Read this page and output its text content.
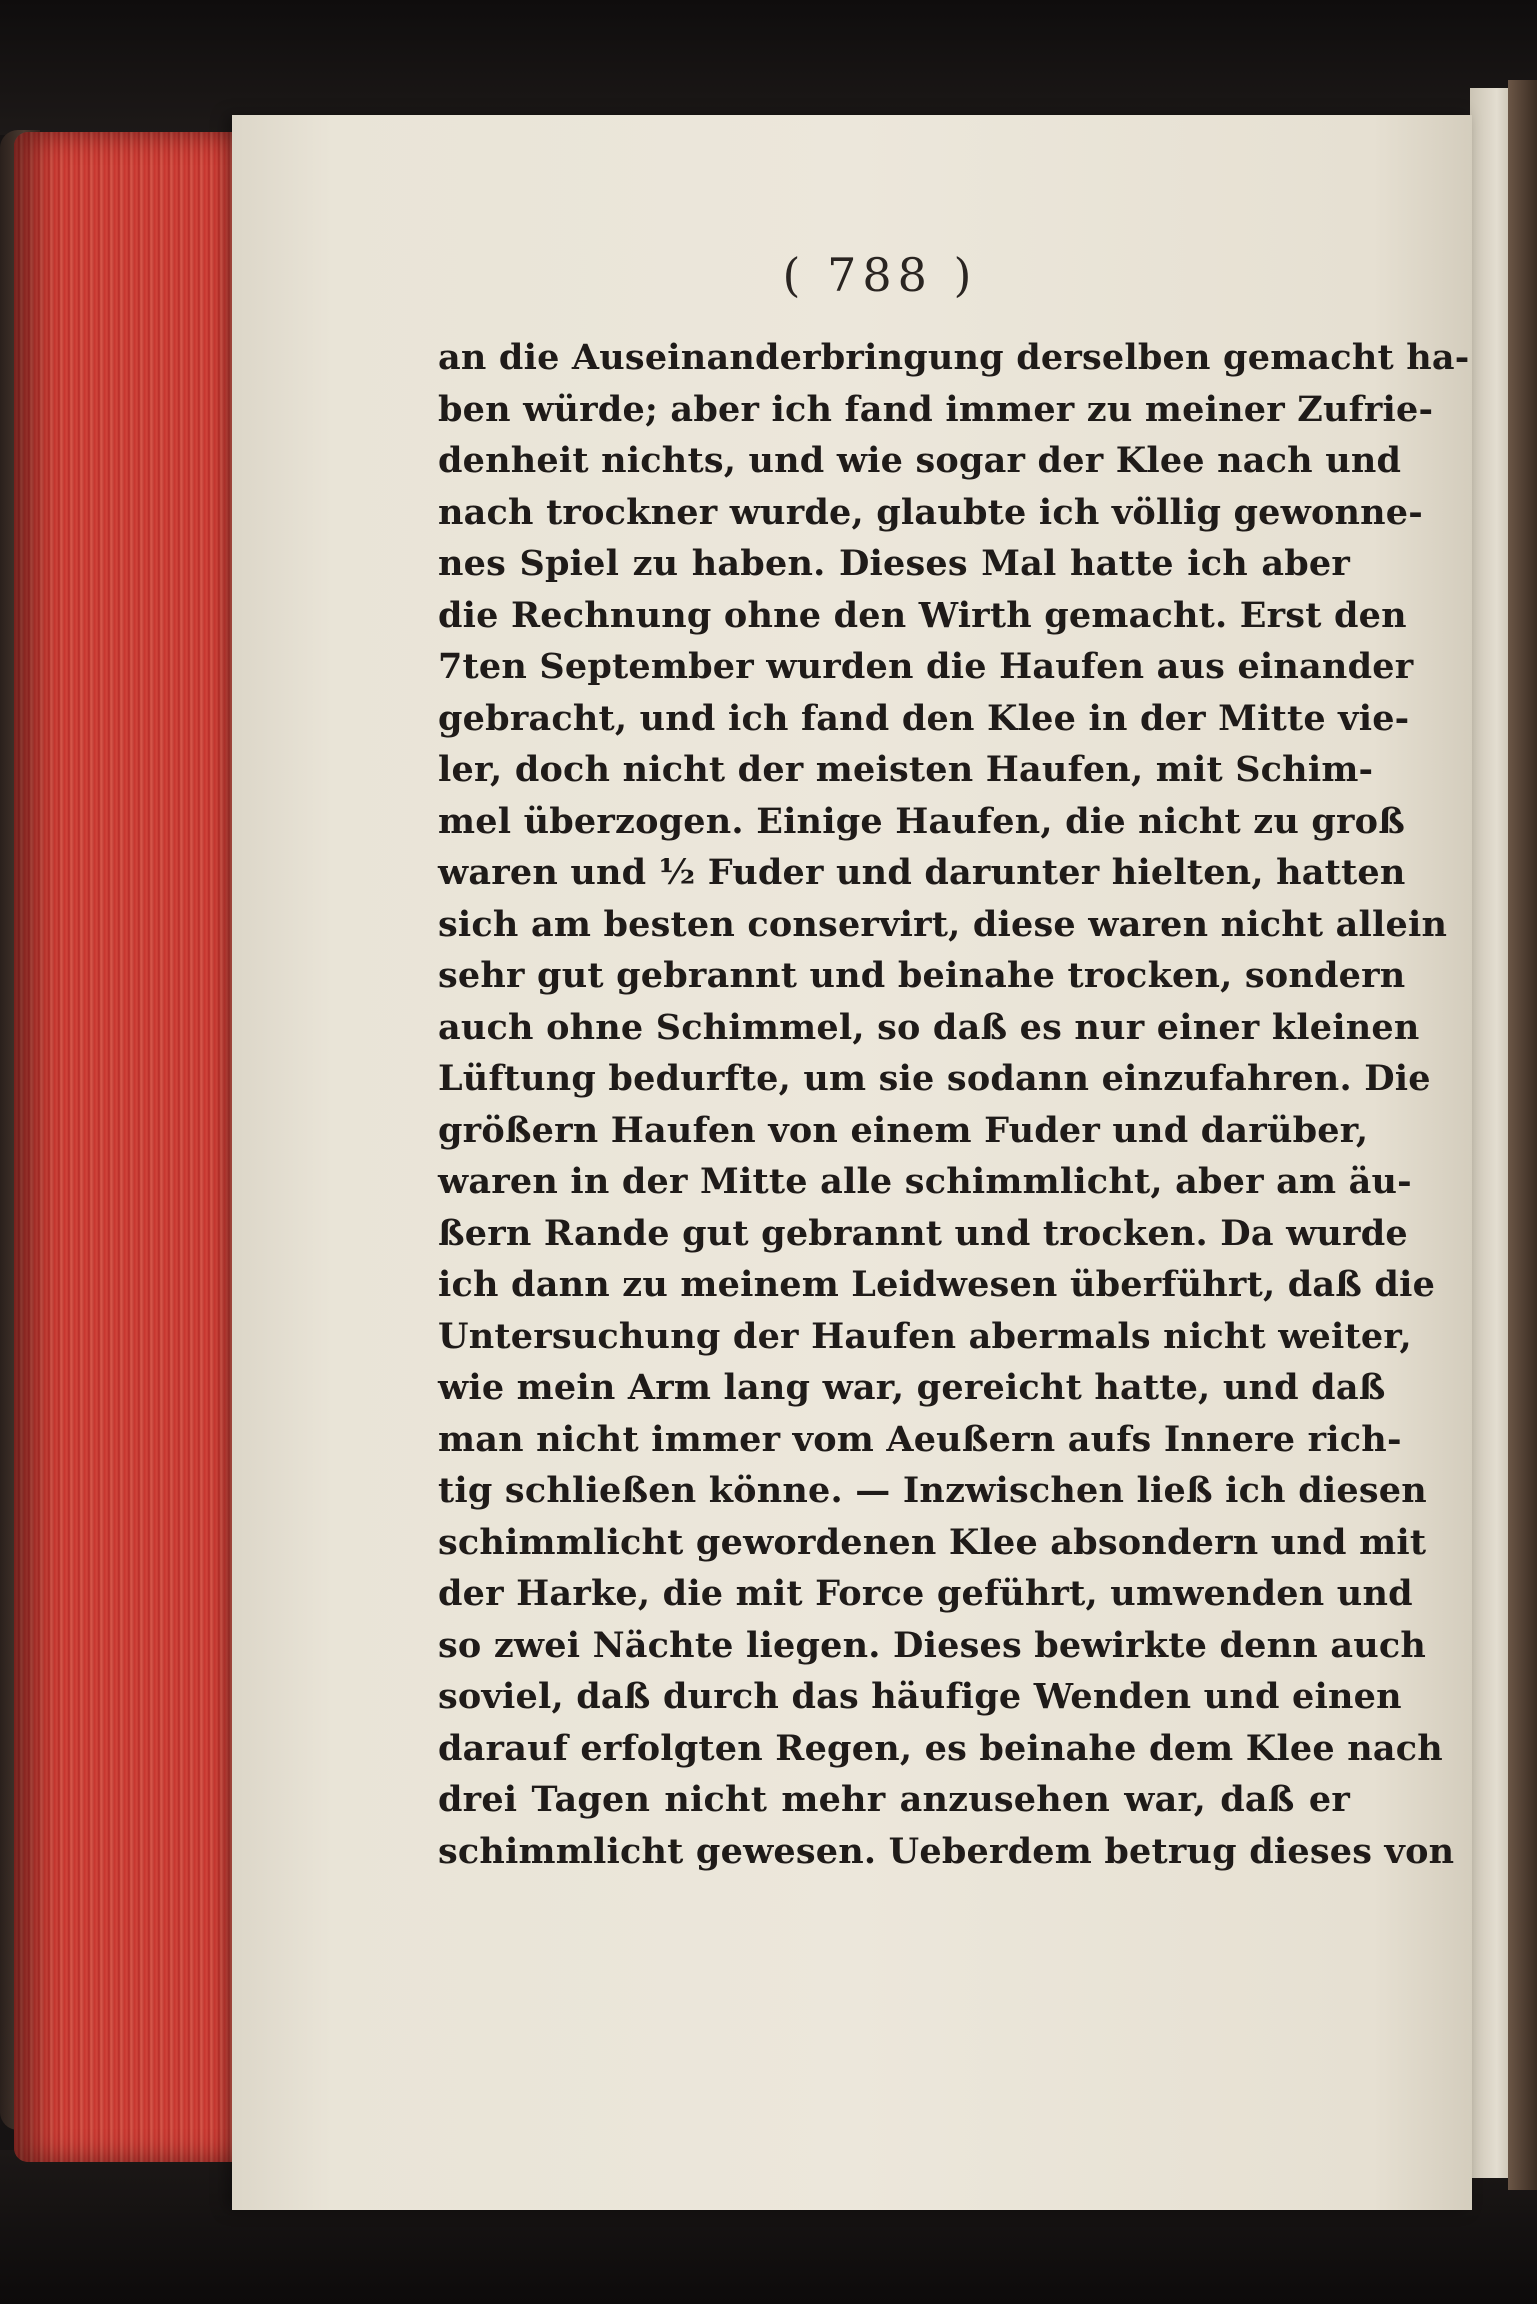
( 788 )
an die Auseinanderbringung derselben gemacht ha-
ben würde; aber ich fand immer zu meiner Zufrie-
denheit nichts, und wie sogar der Klee nach und
nach trockner wurde, glaubte ich völlig gewonne-
nes Spiel zu haben. Dieses Mal hatte ich aber
die Rechnung ohne den Wirth gemacht. Erst den
7ten September wurden die Haufen aus einander
gebracht, und ich fand den Klee in der Mitte vie-
ler, doch nicht der meisten Haufen, mit Schim-
mel überzogen. Einige Haufen, die nicht zu groß
waren und ½ Fuder und darunter hielten, hatten
sich am besten conservirt, diese waren nicht allein
sehr gut gebrannt und beinahe trocken, sondern
auch ohne Schimmel, so daß es nur einer kleinen
Lüftung bedurfte, um sie sodann einzufahren. Die
größern Haufen von einem Fuder und darüber,
waren in der Mitte alle schimmlicht, aber am äu-
ßern Rande gut gebrannt und trocken. Da wurde
ich dann zu meinem Leidwesen überführt, daß die
Untersuchung der Haufen abermals nicht weiter,
wie mein Arm lang war, gereicht hatte, und daß
man nicht immer vom Aeußern aufs Innere rich-
tig schließen könne. — Inzwischen ließ ich diesen
schimmlicht gewordenen Klee absondern und mit
der Harke, die mit Force geführt, umwenden und
so zwei Nächte liegen. Dieses bewirkte denn auch
soviel, daß durch das häufige Wenden und einen
darauf erfolgten Regen, es beinahe dem Klee nach
drei Tagen nicht mehr anzusehen war, daß er
schimmlicht gewesen. Ueberdem betrug dieses von
